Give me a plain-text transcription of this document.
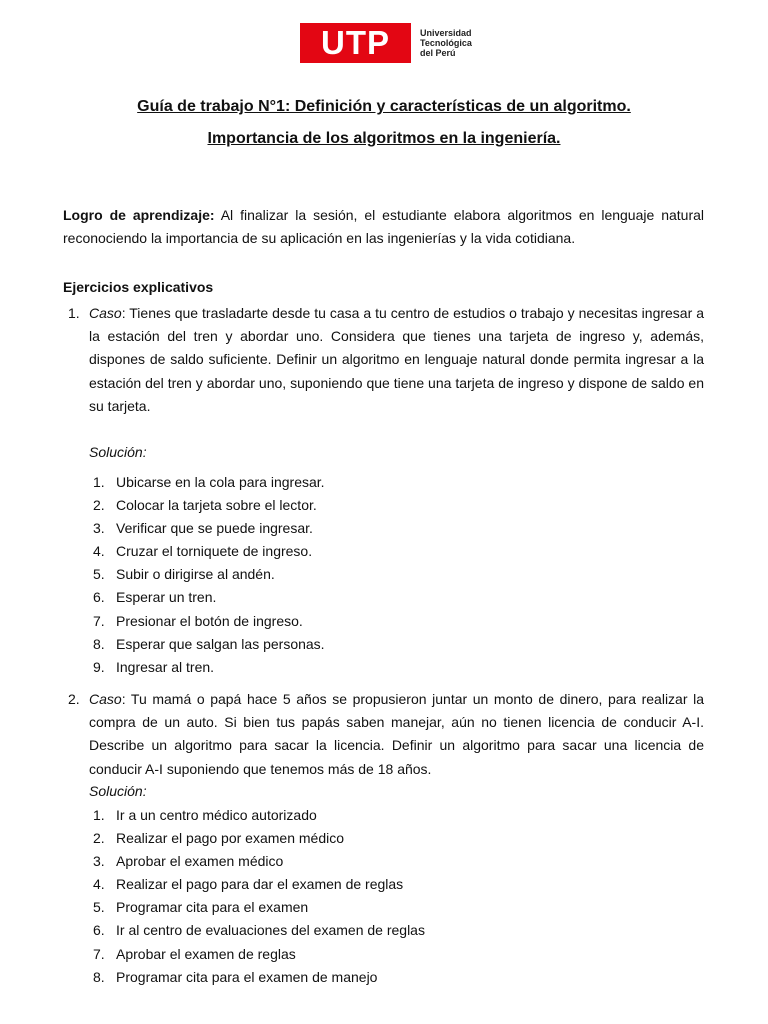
UTP	Universidad
Tecnológica
del Perú
Guía de trabajo N°1: Definición y características de un algoritmo.
Importancia de los algoritmos en la ingeniería.

Logro de aprendizaje: Al finalizar la sesión, el estudiante elabora algoritmos en lenguaje natural reconociendo la importancia de su aplicación en las ingenierías y la vida cotidiana.

Ejercicios explicativos

1. Caso: Tienes que trasladarte desde tu casa a tu centro de estudios o trabajo y necesitas ingresar a la estación del tren y abordar uno. Considera que tienes una tarjeta de ingreso y, además, dispones de saldo suficiente. Definir un algoritmo en lenguaje natural donde permita ingresar a la estación del tren y abordar uno, suponiendo que tiene una tarjeta de ingreso y dispone de saldo en su tarjeta.

Solución:

1. Ubicarse en la cola para ingresar.
2. Colocar la tarjeta sobre el lector.
3. Verificar que se puede ingresar.
4. Cruzar el torniquete de ingreso.
5. Subir o dirigirse al andén.
6. Esperar un tren.
7. Presionar el botón de ingreso.
8. Esperar que salgan las personas.
9. Ingresar al tren.
2. Caso: Tu mamá o papá hace 5 años se propusieron juntar un monto de dinero, para realizar la compra de un auto. Si bien tus papás saben manejar, aún no tienen licencia de conducir A-I. Describe un algoritmo para sacar la licencia. Definir un algoritmo para sacar una licencia de conducir A-I suponiendo que tenemos más de 18 años.

Solución:

1. Ir a un centro médico autorizado
2. Realizar el pago por examen médico
3. Aprobar el examen médico
4. Realizar el pago para dar el examen de reglas
5. Programar cita para el examen
6. Ir al centro de evaluaciones del examen de reglas
7. Aprobar el examen de reglas
8. Programar cita para el examen de manejo
